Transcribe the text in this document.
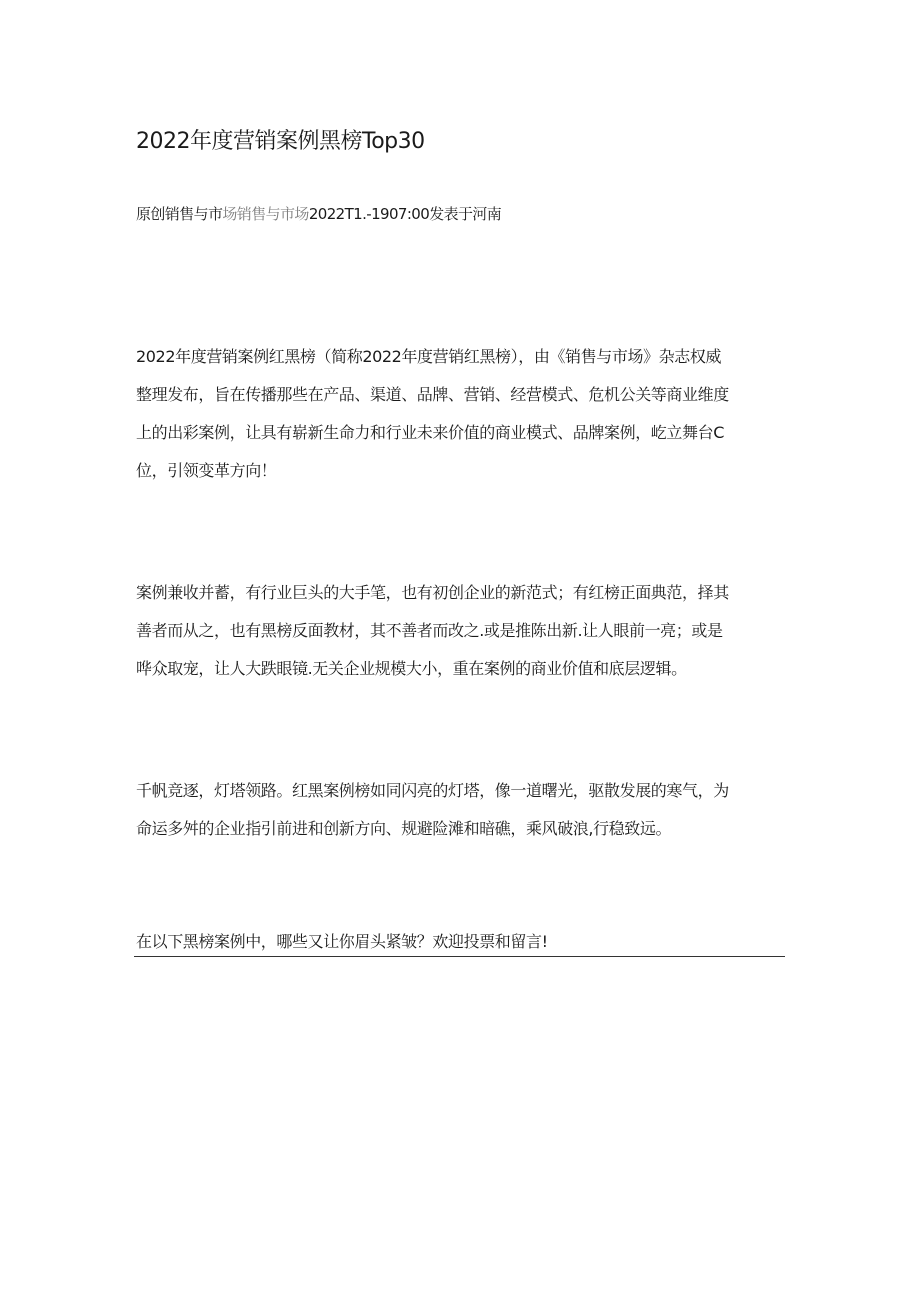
2022年度营销案例黑榜Top30
原创销售与市场销售与市场2022T1.-1907:00发表于河南
2022年度营销案例红黑榜（简称2022年度营销红黑榜），由《销售与市场》杂志权威
整理发布，旨在传播那些在产品、渠道、品牌、营销、经营模式、危机公关等商业维度
上的出彩案例，让具有崭新生命力和行业未来价值的商业模式、品牌案例，屹立舞台C
位，引领变革方向！
案例兼收并蓄，有行业巨头的大手笔，也有初创企业的新范式；有红榜正面典范，择其
善者而从之，也有黑榜反面教材，其不善者而改之.或是推陈出新.让人眼前一亮；或是
哗众取宠，让人大跌眼镜.无关企业规模大小，重在案例的商业价值和底层逻辑。
千帆竞逐，灯塔领路。红黑案例榜如同闪亮的灯塔，像一道曙光，驱散发展的寒气，为
命运多舛的企业指引前进和创新方向、规避险滩和暗礁，乘风破浪,行稳致远。
在以下黑榜案例中，哪些又让你眉头紧皱？欢迎投票和留言!
